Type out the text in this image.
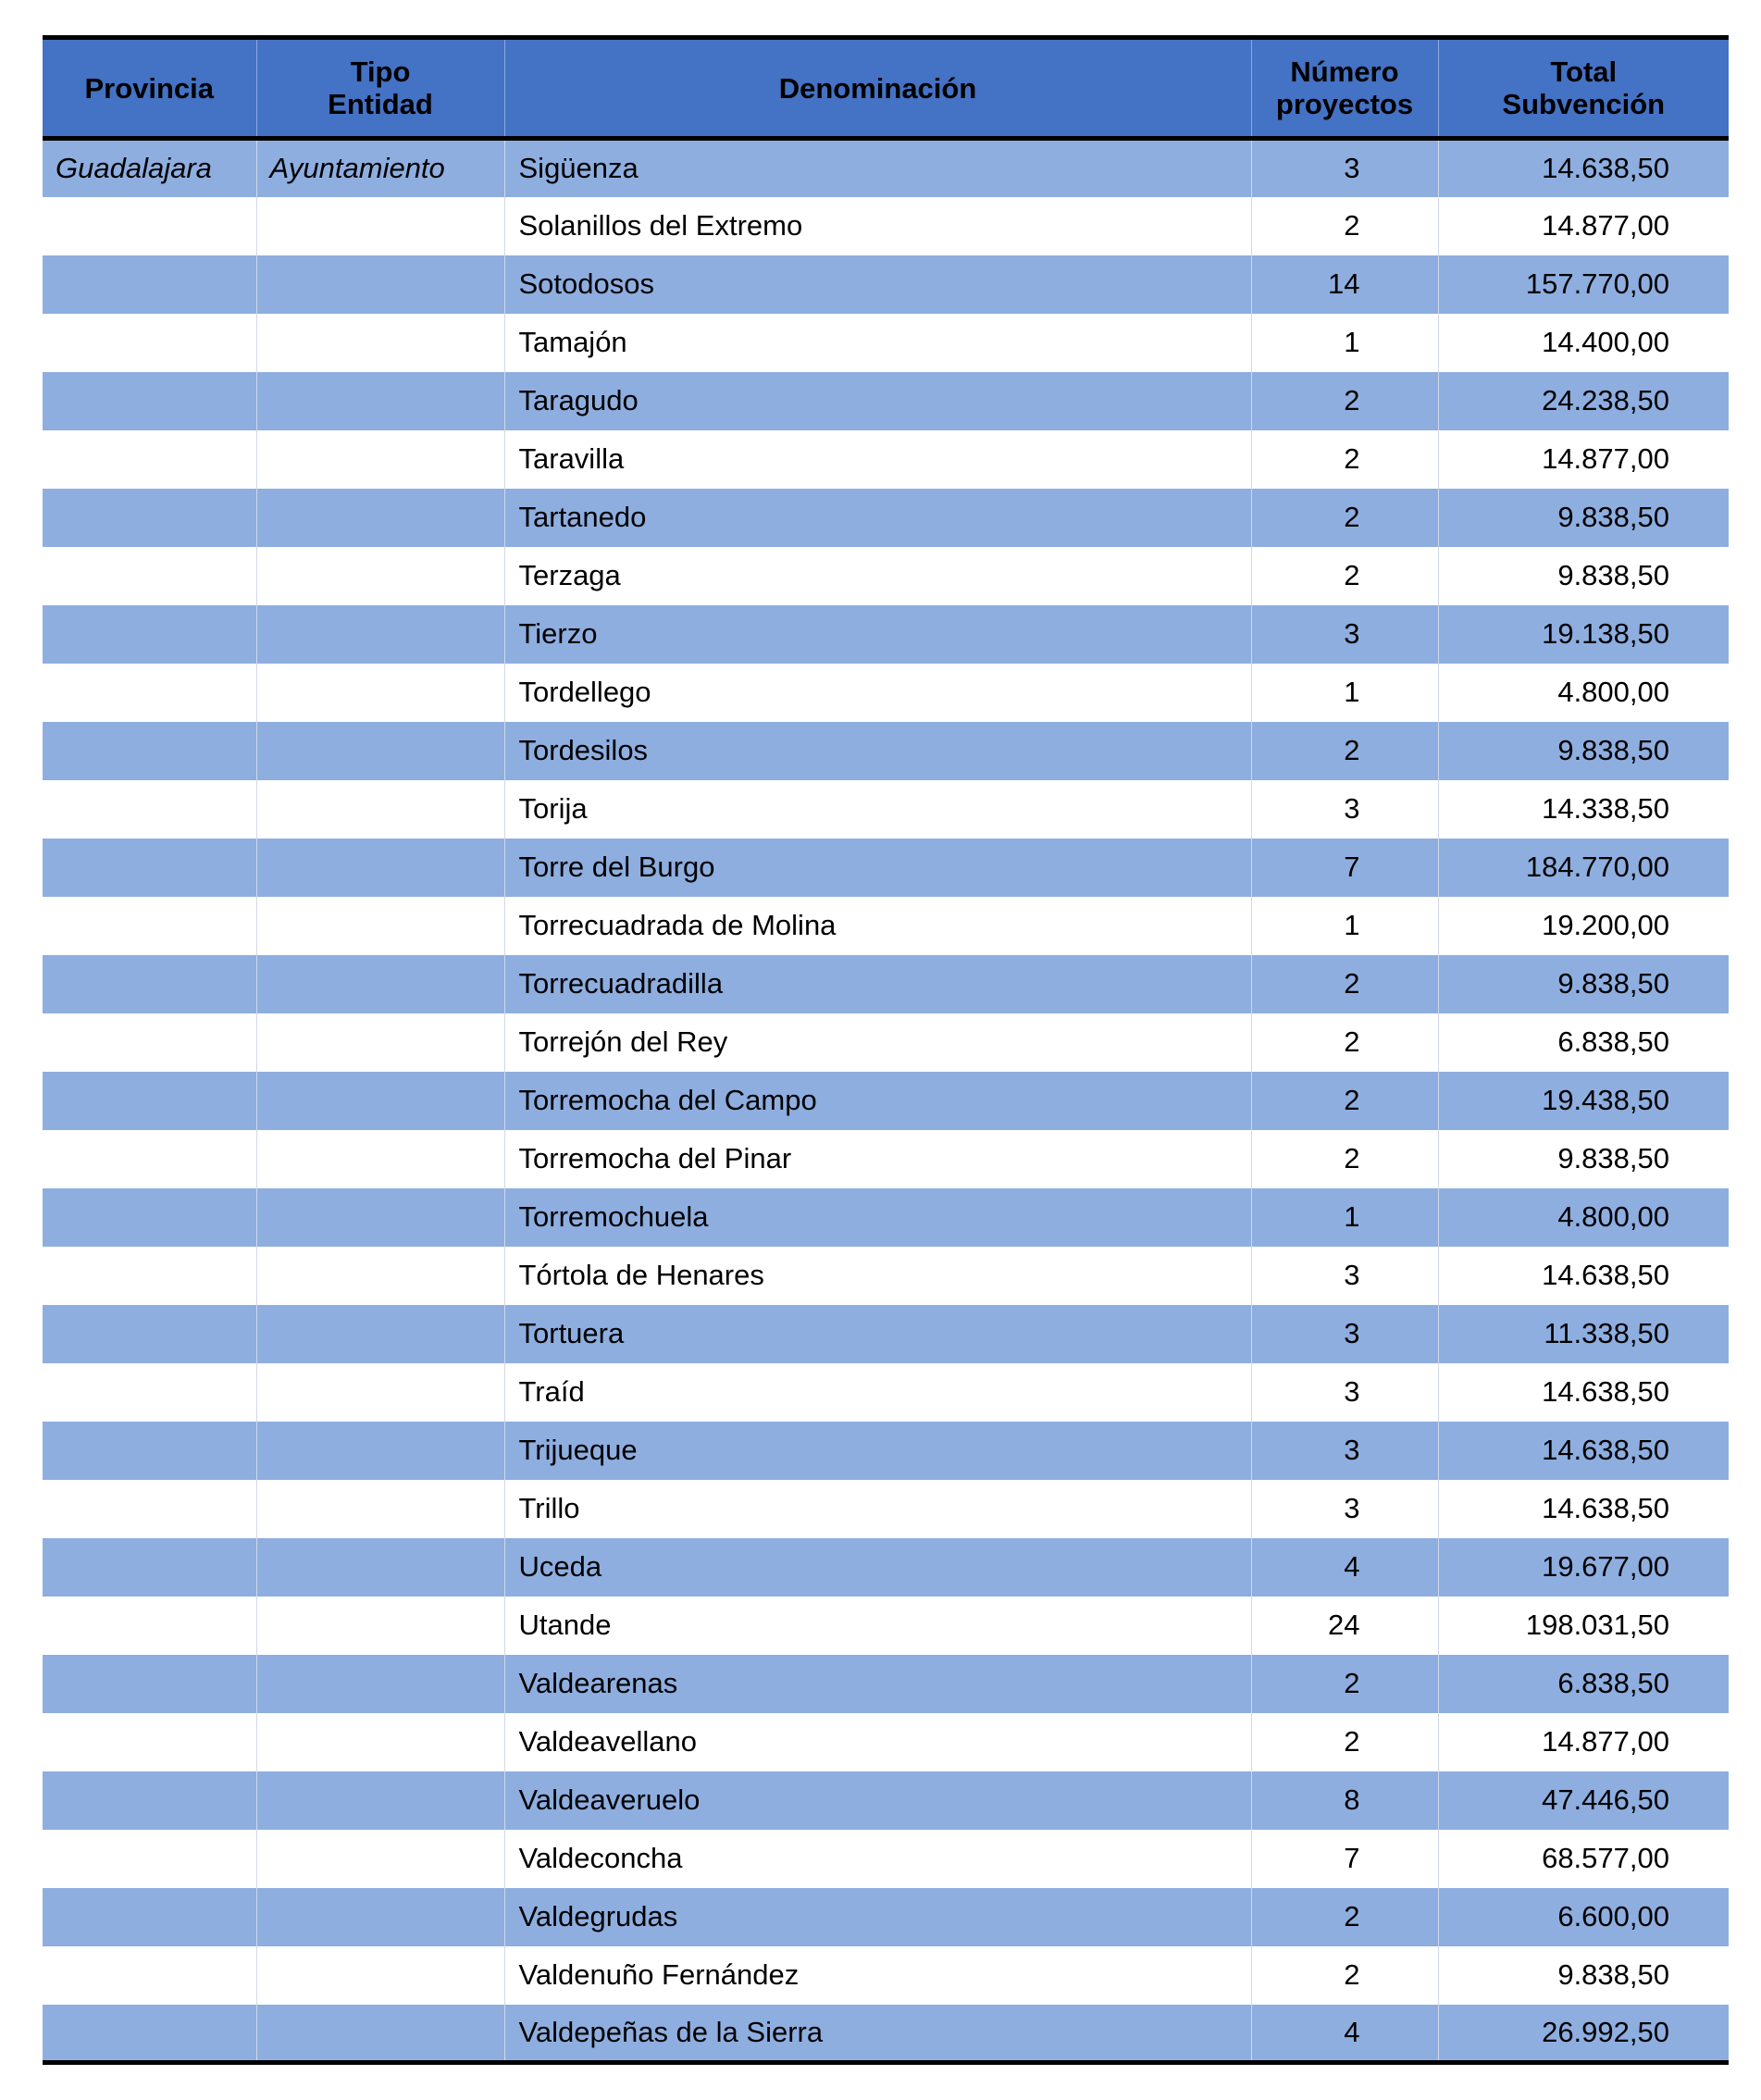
Provincia	Tipo Entidad	Denominación	Número proyectos	Total Subvención
Guadalajara	Ayuntamiento	Sigüenza	3	14.638,50
		Solanillos del Extremo	2	14.877,00
		Sotodosos	14	157.770,00
		Tamajón	1	14.400,00
		Taragudo	2	24.238,50
		Taravilla	2	14.877,00
		Tartanedo	2	9.838,50
		Terzaga	2	9.838,50
		Tierzo	3	19.138,50
		Tordellego	1	4.800,00
		Tordesilos	2	9.838,50
		Torija	3	14.338,50
		Torre del Burgo	7	184.770,00
		Torrecuadrada de Molina	1	19.200,00
		Torrecuadradilla	2	9.838,50
		Torrejón del Rey	2	6.838,50
		Torremocha del Campo	2	19.438,50
		Torremocha del Pinar	2	9.838,50
		Torremochuela	1	4.800,00
		Tórtola de Henares	3	14.638,50
		Tortuera	3	11.338,50
		Traíd	3	14.638,50
		Trijueque	3	14.638,50
		Trillo	3	14.638,50
		Uceda	4	19.677,00
		Utande	24	198.031,50
		Valdearenas	2	6.838,50
		Valdeavellano	2	14.877,00
		Valdeaveruelo	8	47.446,50
		Valdeconcha	7	68.577,00
		Valdegrudas	2	6.600,00
		Valdenuño Fernández	2	9.838,50
		Valdepeñas de la Sierra	4	26.992,50
